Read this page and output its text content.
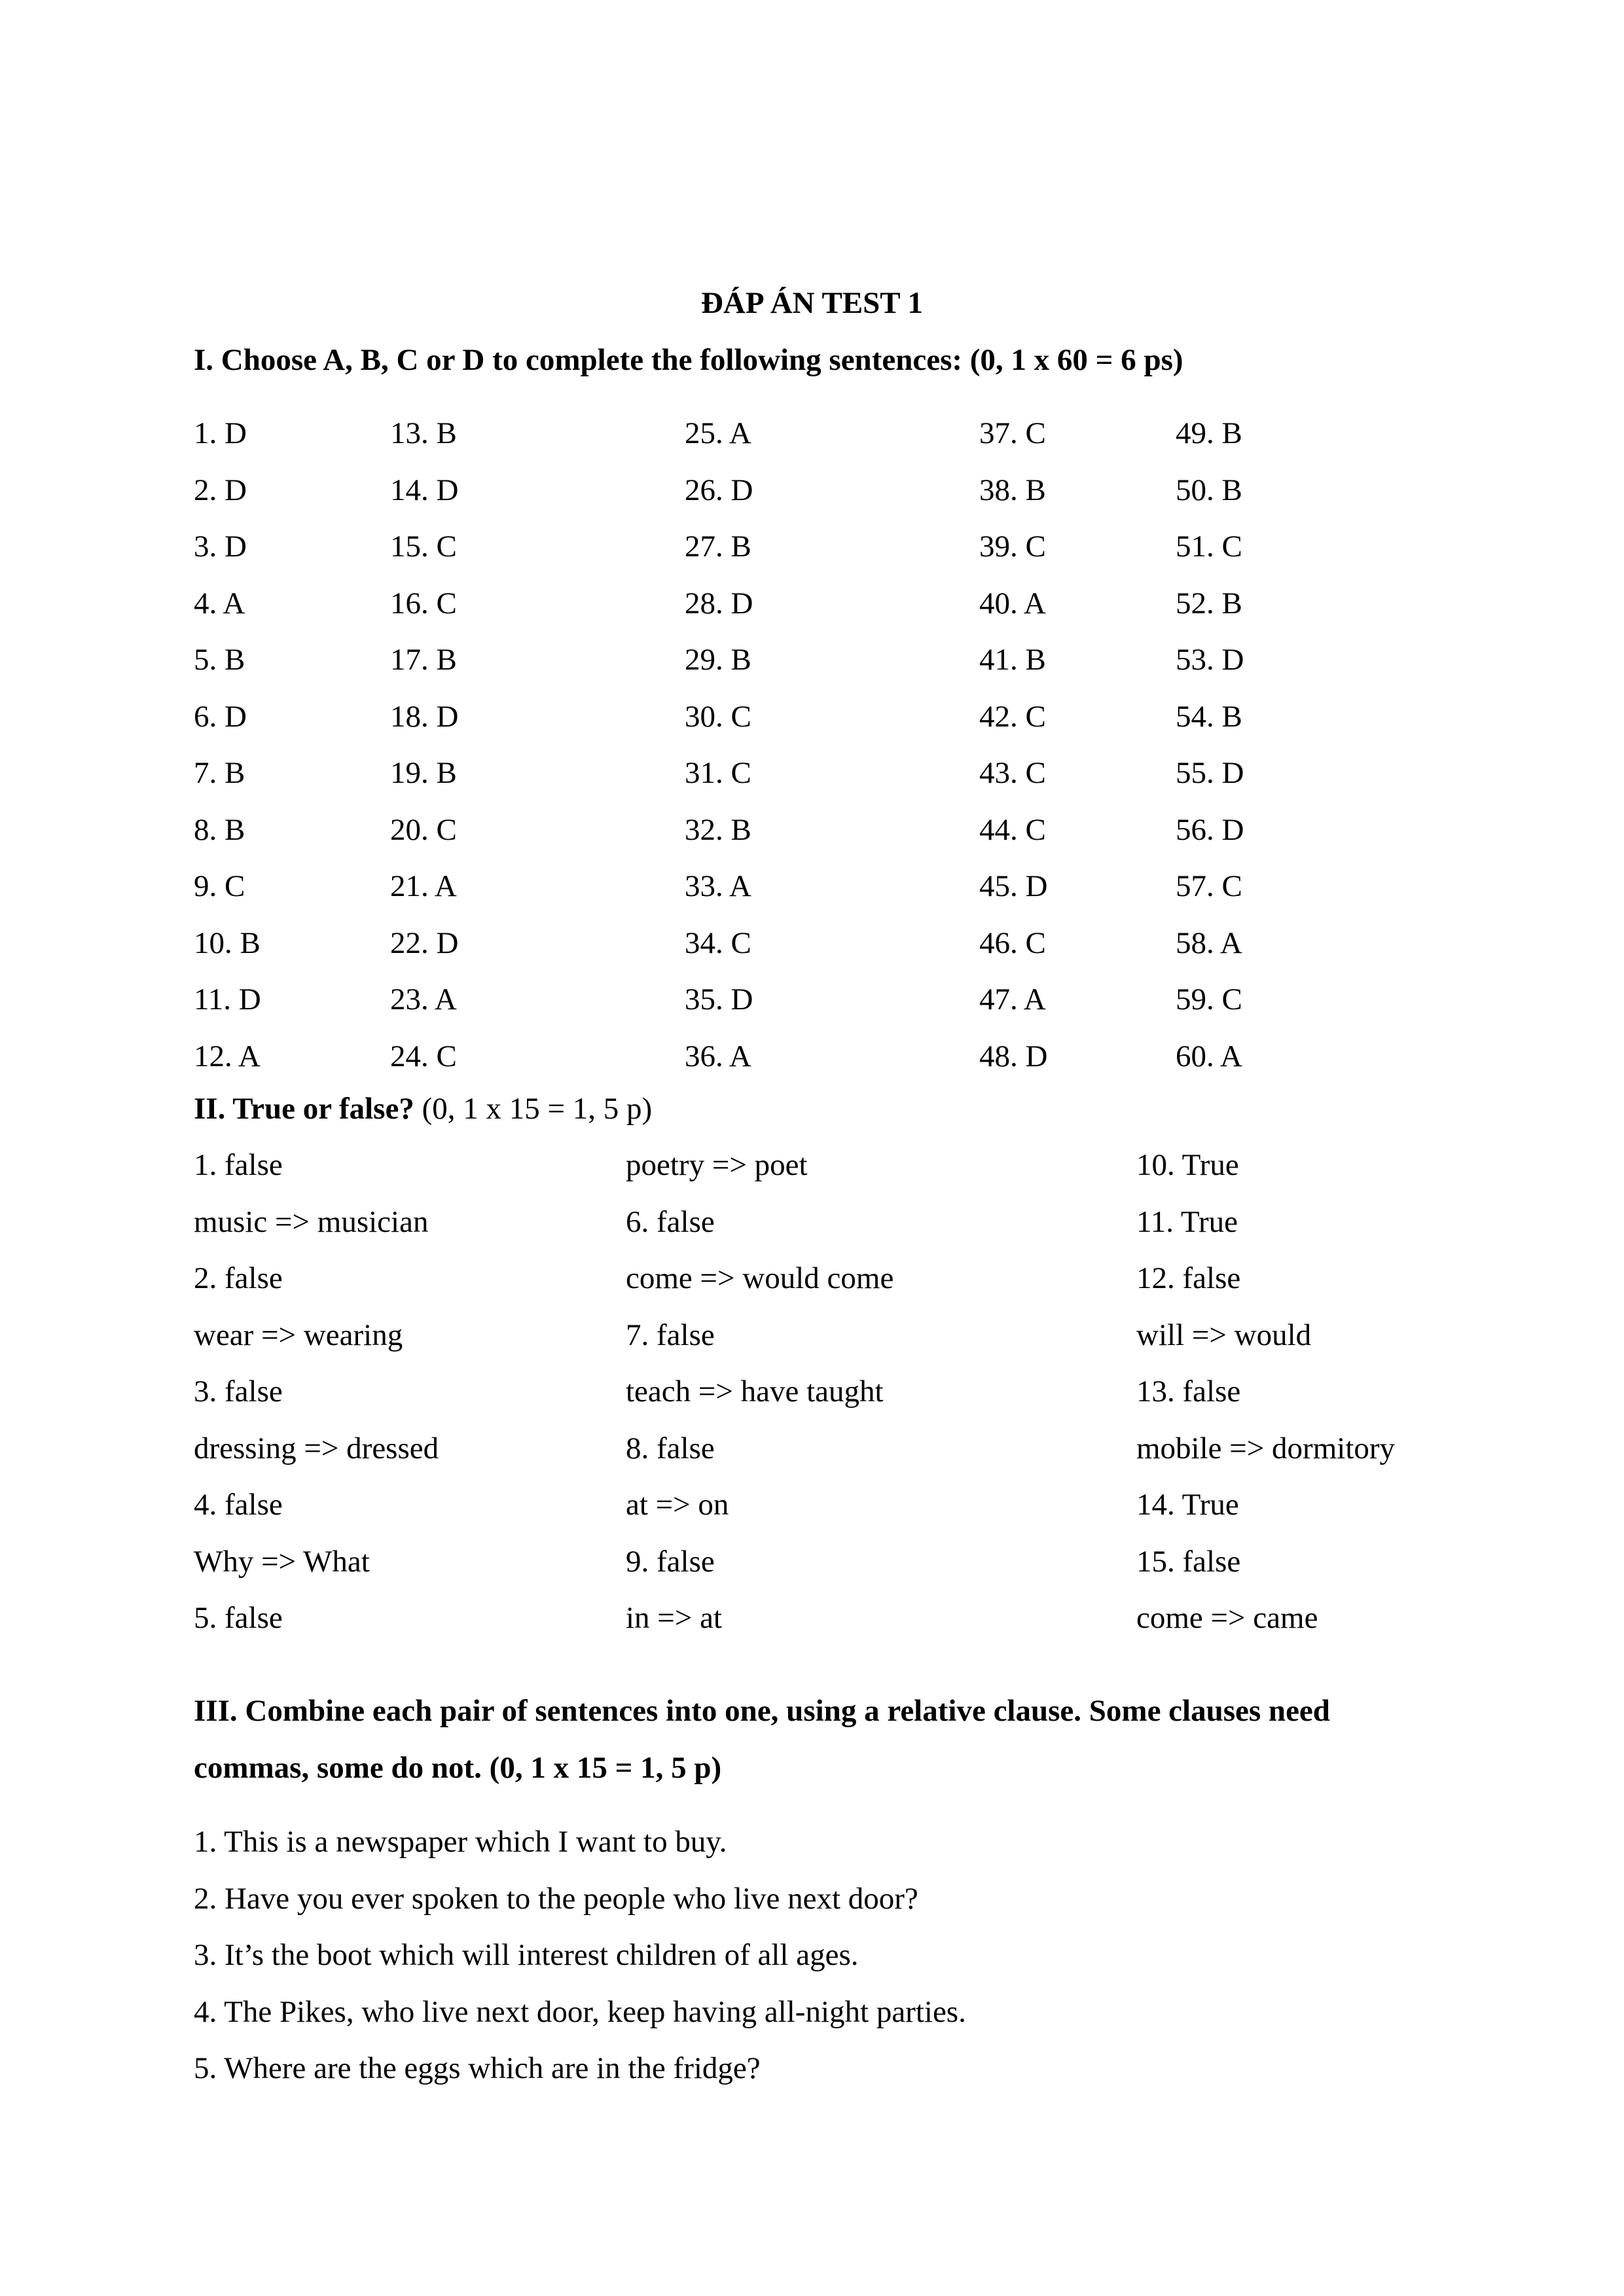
ĐÁP ÁN TEST 1
I. Choose A, B, C or D to complete the following sentences: (0, 1 x 60 = 6 ps)
1. D
2. D
3. D
4. A
5. B
6. D
7. B
8. B
9. C
10. B
11. D
12. A
13. B
14. D
15. C
16. C
17. B
18. D
19. B
20. C
21. A
22. D
23. A
24. C
25. A
26. D
27. B
28. D
29. B
30. C
31. C
32. B
33. A
34. C
35. D
36. A
37. C
38. B
39. C
40. A
41. B
42. C
43. C
44. C
45. D
46. C
47. A
48. D
49. B
50. B
51. C
52. B
53. D
54. B
55. D
56. D
57. C
58. A
59. C
60. A
II. True or false? (0, 1 x 15 = 1, 5 p)
1. false
music => musician
2. false
wear => wearing
3. false
dressing => dressed
4. false
Why => What
5. false
poetry => poet
6. false
come => would come
7. false
teach => have taught
8. false
at => on
9. false
in => at
10. True
11. True
12. false
will => would
13. false
mobile => dormitory
14. True
15. false
come => came
III. Combine each pair of sentences into one, using a relative clause. Some clauses need
commas, some do not. (0, 1 x 15 = 1, 5 p)
1. This is a newspaper which I want to buy.
2. Have you ever spoken to the people who live next door?
3. It’s the boot which will interest children of all ages.
4. The Pikes, who live next door, keep having all-night parties.
5. Where are the eggs which are in the fridge?
